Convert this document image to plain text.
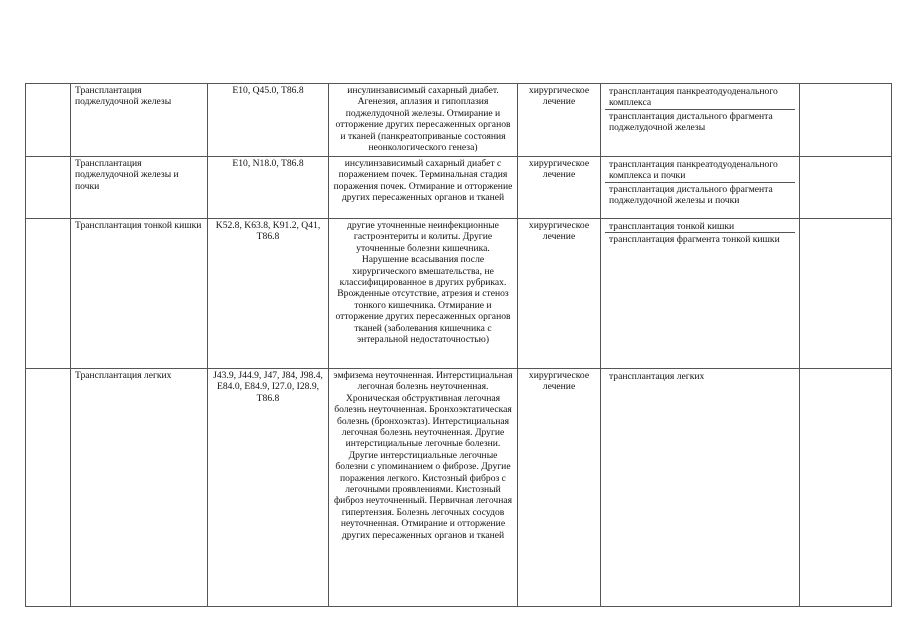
	Трансплантация поджелудочной железы	E10, Q45.0, T86.8	инсулинзависимый сахарный диабет. Агенезия, аплазия и гипоплазия поджелудочной железы. Отмирание и отторжение других пересаженных органов и тканей (панкреатоприваные состояния неонкологического генеза)	хирургическое лечение	трансплантация панкреатодуоденального комплекса
трансплантация дистального фрагмента поджелудочной железы	

	Трансплантация поджелудочной железы и почки	E10, N18.0, T86.8	инсулинзависимый сахарный диабет с поражением почек. Терминальная стадия поражения почек. Отмирание и отторжение других пересаженных органов и тканей	хирургическое лечение	трансплантация панкреатодуоденального комплекса и почки
трансплантация дистального фрагмента поджелудочной железы и почки	

	Трансплантация тонкой кишки	K52.8, K63.8, K91.2, Q41, T86.8	другие уточненные неинфекционные гастроэнтериты и колиты. Другие уточненные болезни кишечника. Нарушение всасывания после хирургического вмешательства, не классифицированное в других рубриках. Врожденные отсутствие, атрезия и стеноз тонкого кишечника. Отмирание и отторжение других пересаженных органов тканей (заболевания кишечника с энтеральной недостаточностью)	хирургическое лечение	трансплантация тонкой кишки
трансплантация фрагмента тонкой кишки	

	Трансплантация легких	J43.9, J44.9, J47, J84, J98.4, E84.0, E84.9, I27.0, I28.9, T86.8	эмфизема неуточненная. Интерстициальная легочная болезнь неуточненная. Хроническая обструктивная легочная болезнь неуточненная. Бронхоэктатическая болезнь (бронхоэктаз). Интерстициальная легочная болезнь неуточненная. Другие интерстициальные легочные болезни. Другие интерстициальные легочные болезни с упоминанием о фиброзе. Другие поражения легкого. Кистозный фиброз с легочными проявлениями. Кистозный фиброз неуточненный. Первичная легочная гипертензия. Болезнь легочных сосудов неуточненная. Отмирание и отторжение других пересаженных органов и тканей	хирургическое лечение	трансплантация легких	
